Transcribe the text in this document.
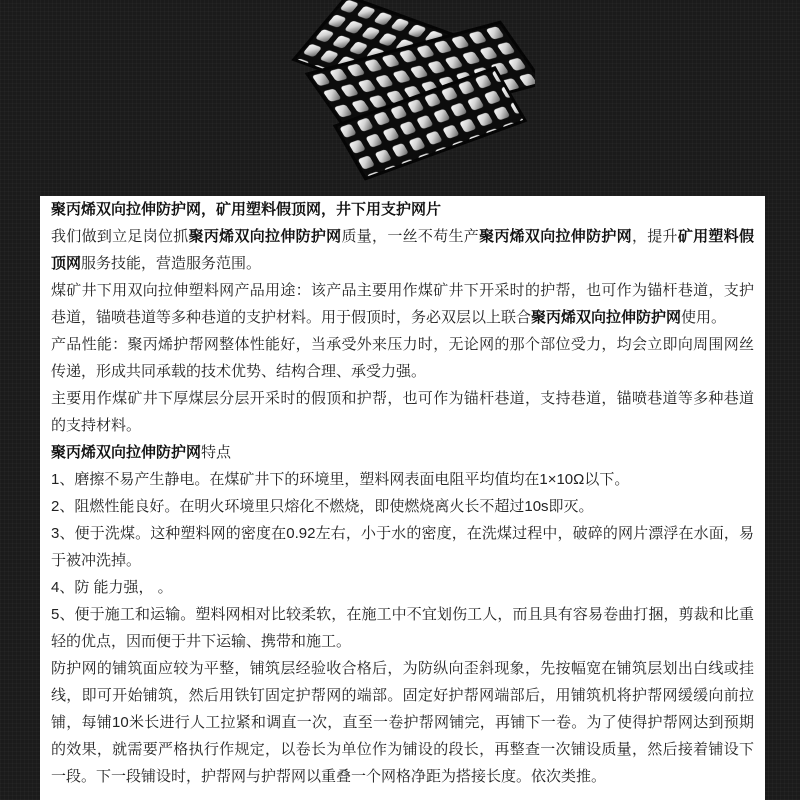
聚丙烯双向拉伸防护网，矿用塑料假顶网，井下用支护网片

我们做到立足岗位抓聚丙烯双向拉伸防护网质量，一丝不苟生产聚丙烯双向拉伸防护网，提升矿用塑料假顶网服务技能，营造服务范围。

煤矿井下用双向拉伸塑料网产品用途：该产品主要用作煤矿井下开采时的护帮，也可作为锚杆巷道，支护巷道，锚喷巷道等多种巷道的支护材料。用于假顶时，务必双层以上联合聚丙烯双向拉伸防护网使用。

产品性能：聚丙烯护帮网整体性能好，当承受外来压力时，无论网的那个部位受力，均会立即向周围网丝传递，形成共同承载的技术优势、结构合理、承受力强。

主要用作煤矿井下厚煤层分层开采时的假顶和护帮，也可作为锚杆巷道，支持巷道，锚喷巷道等多种巷道的支持材料。

聚丙烯双向拉伸防护网特点

1、磨擦不易产生静电。在煤矿井下的环境里，塑料网表面电阻平均值均在1×10Ω以下。

2、阻燃性能良好。在明火环境里只熔化不燃烧，即使燃烧离火长不超过10s即灭。

3、便于洗煤。这种塑料网的密度在0.92左右，小于水的密度，在洗煤过程中，破碎的网片漂浮在水面，易于被冲洗掉。

4、防 能力强， 。

5、便于施工和运输。塑料网相对比较柔软，在施工中不宜划伤工人，而且具有容易卷曲打捆，剪裁和比重轻的优点，因而便于井下运输、携带和施工。

防护网的铺筑面应较为平整，铺筑层经验收合格后，为防纵向歪斜现象，先按幅宽在铺筑层划出白线或挂线，即可开始铺筑，然后用铁钉固定护帮网的端部。固定好护帮网端部后，用铺筑机将护帮网缓缓向前拉铺，每铺10米长进行人工拉紧和调直一次，直至一卷护帮网铺完，再铺下一卷。为了使得护帮网达到预期的效果，就需要严格执行作规定，以卷长为单位作为铺设的段长，再整查一次铺设质量，然后接着铺设下一段。下一段铺设时，护帮网与护帮网以重叠一个网格净距为搭接长度。依次类推。
